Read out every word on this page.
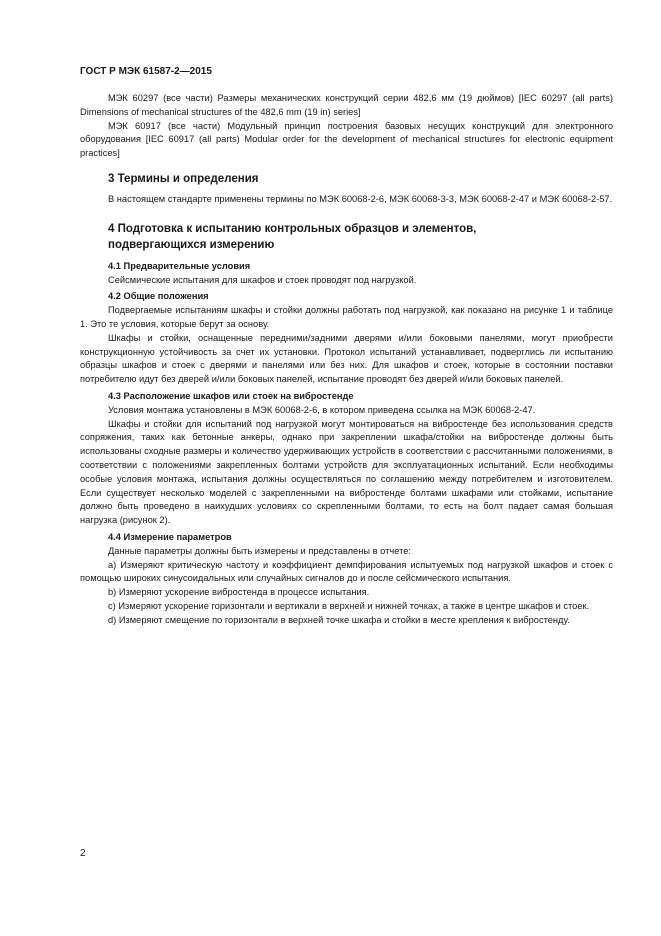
ГОСТ Р МЭК 61587-2—2015

МЭК 60297 (все части) Размеры механических конструкций серии 482,6 мм (19 дюймов) [IEC 60297 (all parts) Dimensions of mechanical structures of the 482,6 mm (19 in) series]

МЭК 60917 (все части) Модульный принцип построения базовых несущих конструкций для электронного оборудования [IEC 60917 (all parts) Modular order for the development of mechanical structures for electronic equipment practices]

3 Термины и определения

В настоящем стандарте применены термины по МЭК 60068-2-6, МЭК 60068-3-3, МЭК 60068-2-47 и МЭК 60068-2-57.

4 Подготовка к испытанию контрольных образцов и элементов,
подвергающихся измерению
4.1 Предварительные условия

Сейсмические испытания для шкафов и стоек проводят под нагрузкой.

4.2 Общие положения

Подвергаемые испытаниям шкафы и стойки должны работать под нагрузкой, как показано на рисунке 1 и таблице 1. Это те условия, которые берут за основу.

Шкафы и стойки, оснащенные передними/задними дверями и/или боковыми панелями, могут приобрести конструкционную устойчивость за счет их установки. Протокол испытаний устанавливает, подверглись ли испытанию образцы шкафов и стоек с дверями и панелями или без них. Для шкафов и стоек, которые в состоянии поставки потребителю идут без дверей и/или боковых панелей, испытание проводят без дверей и/или боковых панелей.

4.3 Расположение шкафов или стоек на вибростенде

Условия монтажа установлены в МЭК 60068-2-6, в котором приведена ссылка на МЭК 60068-2-47.

Шкафы и стойки для испытаний под нагрузкой могут монтироваться на вибростенде без использования средств сопряжения, таких как бетонные анкеры, однако при закреплении шкафа/стойки на вибростенде должны быть использованы сходные размеры и количество удерживающих устройств в соответствии с рассчитанными положениями, в соответствии с положениями закрепленных болтами устройств для эксплуатационных испытаний. Если необходимы особые условия монтажа, испытания должны осуществляться по соглашению между потребителем и изготовителем. Если существует несколько моделей с закрепленными на вибростенде болтами шкафами или стойками, испытание должно быть проведено в наихудших условиях со скрепленными болтами, то есть на болт падает самая большая нагрузка (рисунок 2).

4.4 Измерение параметров

Данные параметры должны быть измерены и представлены в отчете:

а) Измеряют критическую частоту и коэффициент демпфирования испытуемых под нагрузкой шкафов и стоек с помощью широких синусоидальных или случайных сигналов до и после сейсмического испытания.

b) Измеряют ускорение вибростенда в процессе испытания.

c) Измеряют ускорение горизонтали и вертикали в верхней и нижней точках, а также в центре шкафов и стоек.

d) Измеряют смещение по горизонтали в верхней точке шкафа и стойки в месте крепления к вибростенду.

2
